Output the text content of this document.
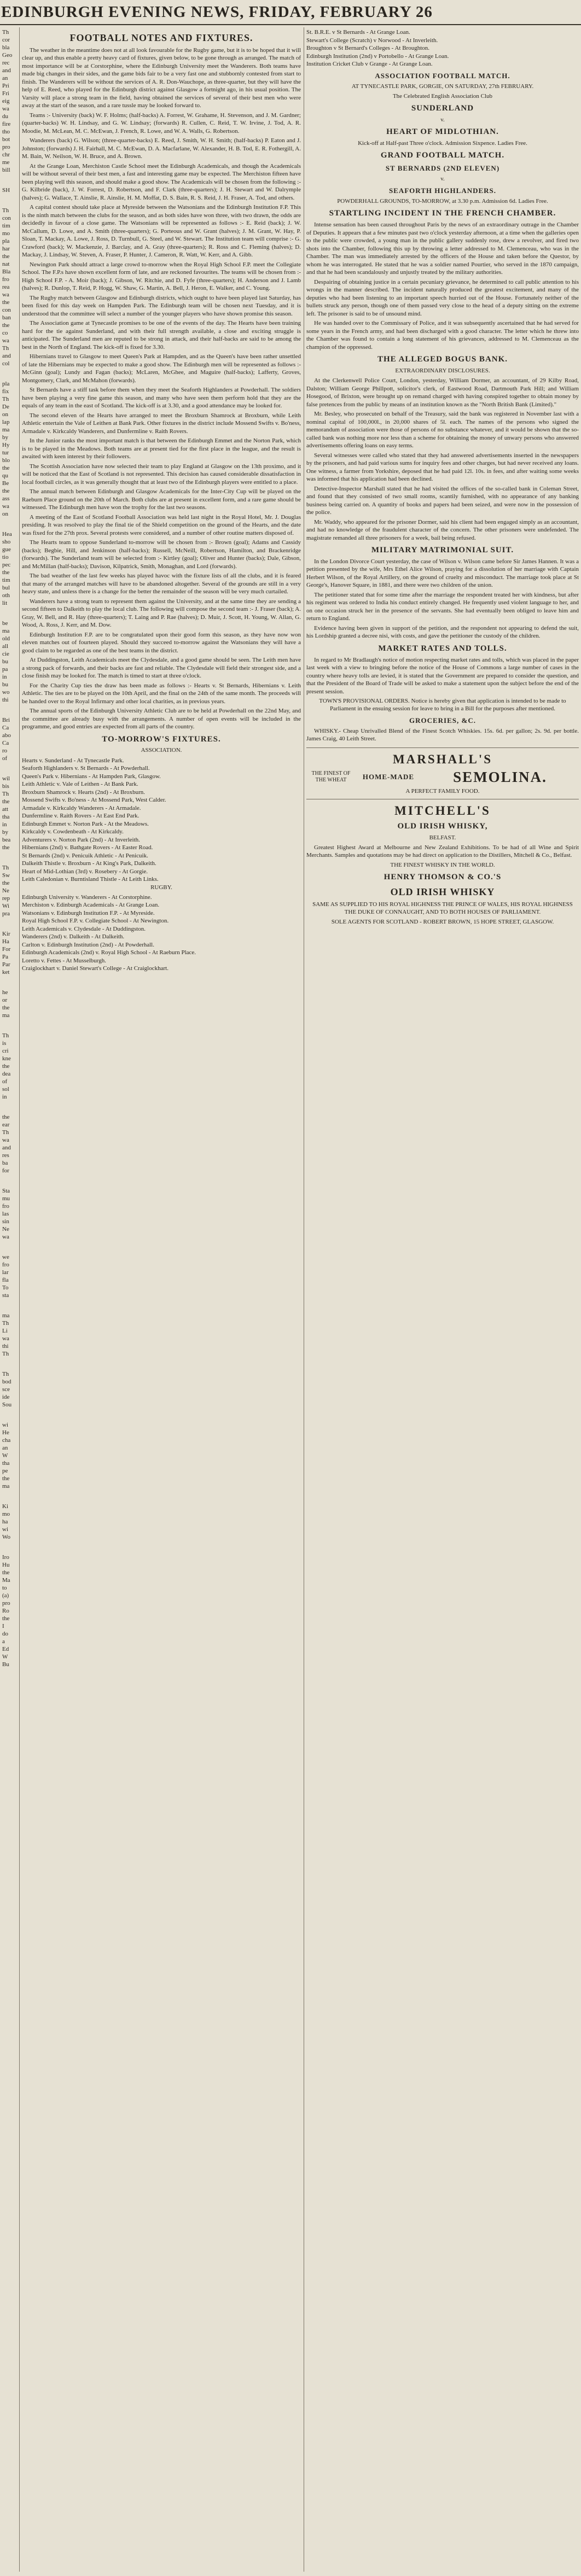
EDINBURGH EVENING NEWS, FRIDAY, FEBRUARY 26
Th
cor
bla
Geo
rec
and
an
Pri
Fri
eig
wa
du
fire
tho
bot
pro
chr
me
bill
SH
Th
con
tim
mo
pla
har
the
nat
Bla
fro
rea
wa
the
con
ban
the
co
wa
Th
and
col
pla
fix
Th
De
on
lap
ma
by
Hy
tur
blo
the
qu
Be
the
ass
wa
on
Hea
sho
gue
tio
pec
the
tim
bul
oth
lit
be
ma
old
all
cie
bu
pa
in
bu
wo
thi
Bri
Ca
abo
Ca
ro
of
wil
bis
Th
the
att
tha
in
by
bea
the
Th
Sw
the
Ne
rep
Wi
pra
Kir
Ha
For
Pa
Par
ket
he
or
the
ma
Th
is
cri
kne
the
dea
of
sol
in
the
ear
Th
wa
and
res
ba
for
Sta
mu
fro
las
sin
Ne
wa
we
fro
lar
fla
To
sta
ma
Th
Li
wa
thi
Th
Th
bod
sce
ide
Sou
wi
He
cha
an
W
tha
pe
the
ma
Ki
mo
ha
wi
Wo
Iro
Hu
the
Ma
to
(a)
pro
Ro
the
I
do
a
Ed
W
Bu
FOOTBALL NOTES AND FIXTURES.

The weather in the meantime does not at all look favourable for the Rugby game, but it is to be hoped that it will clear up, and thus enable a pretty heavy card of fixtures, given below, to be gone through as arranged. The match of most importance will be at Corstorphine, where the Edinburgh University meet the Wanderers. Both teams have made big changes in their sides, and the game bids fair to be a very fast one and stubbornly contested from start to finish. The Wanderers will be without the services of A. R. Don-Wauchope, as three-quarter, but they will have the help of E. Reed, who played for the Edinburgh district against Glasgow a fortnight ago, in his usual position. The Varsity will place a strong team in the field, having obtained the services of several of their best men who were away at the start of the season, and a rare tussle may be looked forward to.

Teams :- University (back) W. F. Holms; (half-backs) A. Forrest, W. Grahame, H. Stevenson, and J. M. Gardner; (quarter-backs) W. H. Lindsay, and G. W. Lindsay; (forwards) R. Cullen, C. Reid, T. W. Irvine, J. Tod, A. R. Moodie, M. McLean, M. C. McEwan, J. French, R. Lowe, and W. A. Walls, G. Robertson.

Wanderers (back) G. Wilson; (three-quarter-backs) E. Reed, J. Smith, W. H. Smith; (half-backs) P. Eaton and J. Johnston; (forwards) J. H. Fairhall, M. C. McEwan, D. A. Macfarlane, W. Alexander, H. B. Tod, E. R. Fothergill, A. M. Bain, W. Neilson, W. H. Bruce, and A. Brown.

At the Grange Loan, Merchiston Castle School meet the Edinburgh Academicals, and though the Academicals will be without several of their best men, a fast and interesting game may be expected. The Merchiston fifteen have been playing well this season, and should make a good show. The Academicals will be chosen from the following :- G. Kilbride (back), J. W. Forrest, D. Robertson, and F. Clark (three-quarters); J. H. Stewart and W. Dalrymple (halves); G. Wallace, T. Ainslie, R. Ainslie, H. M. Moffat, D. S. Bain, R. S. Reid, J. H. Fraser, A. Tod, and others.

A capital contest should take place at Myreside between the Watsonians and the Edinburgh Institution F.P. This is the ninth match between the clubs for the season, and as both sides have won three, with two drawn, the odds are decidedly in favour of a close game. The Watsonians will be represented as follows :- E. Reid (back); J. W. McCallum, D. Lowe, and A. Smith (three-quarters); G. Porteous and W. Grant (halves); J. M. Grant, W. Hay, P. Sloan, T. Mackay, A. Lowe, J. Ross, D. Turnbull, G. Steel, and W. Stewart. The Institution team will comprise :- G. Crawford (back); W. Mackenzie, J. Barclay, and A. Gray (three-quarters); R. Ross and C. Fleming (halves); D. Mackay, J. Lindsay, W. Steven, A. Fraser, P. Hunter, J. Cameron, R. Watt, W. Kerr, and A. Gibb.

Newington Park should attract a large crowd to-morrow when the Royal High School F.P. meet the Collegiate School. The F.P.s have shown excellent form of late, and are reckoned favourites. The teams will be chosen from :- High School F.P. - A. Moir (back); J. Gibson, W. Ritchie, and D. Fyfe (three-quarters); H. Anderson and J. Lamb (halves); R. Dunlop, T. Reid, P. Hogg, W. Shaw, G. Martin, A. Bell, J. Heron, E. Walker, and C. Young.

The Rugby match between Glasgow and Edinburgh districts, which ought to have been played last Saturday, has been fixed for this day week on Hampden Park. The Edinburgh team will be chosen next Tuesday, and it is understood that the committee will select a number of the younger players who have shown promise this season.

The Association game at Tynecastle promises to be one of the events of the day. The Hearts have been training hard for the tie against Sunderland, and with their full strength available, a close and exciting struggle is anticipated. The Sunderland men are reputed to be strong in attack, and their half-backs are said to be among the best in the North of England. The kick-off is fixed for 3.30.

Hibernians travel to Glasgow to meet Queen's Park at Hampden, and as the Queen's have been rather unsettled of late the Hibernians may be expected to make a good show. The Edinburgh men will be represented as follows :- McGinn (goal); Lundy and Fagan (backs); McLaren, McGhee, and Maguire (half-backs); Lafferty, Groves, Montgomery, Clark, and McMahon (forwards).

St Bernards have a stiff task before them when they meet the Seaforth Highlanders at Powderhall. The soldiers have been playing a very fine game this season, and many who have seen them perform hold that they are the equals of any team in the east of Scotland. The kick-off is at 3.30, and a good attendance may be looked for.

The second eleven of the Hearts have arranged to meet the Broxburn Shamrock at Broxburn, while Leith Athletic entertain the Vale of Leithen at Bank Park. Other fixtures in the district include Mossend Swifts v. Bo'ness, Armadale v. Kirkcaldy Wanderers, and Dunfermline v. Raith Rovers.

In the Junior ranks the most important match is that between the Edinburgh Emmet and the Norton Park, which is to be played in the Meadows. Both teams are at present tied for the first place in the league, and the result is awaited with keen interest by their followers.

The Scottish Association have now selected their team to play England at Glasgow on the 13th proximo, and it will be noticed that the East of Scotland is not represented. This decision has caused considerable dissatisfaction in local football circles, as it was generally thought that at least two of the Edinburgh players were entitled to a place.

The annual match between Edinburgh and Glasgow Academicals for the Inter-City Cup will be played on the Raeburn Place ground on the 20th of March. Both clubs are at present in excellent form, and a rare game should be witnessed. The Edinburgh men have won the trophy for the last two seasons.

A meeting of the East of Scotland Football Association was held last night in the Royal Hotel, Mr. J. Douglas presiding. It was resolved to play the final tie of the Shield competition on the ground of the Hearts, and the date was fixed for the 27th prox. Several protests were considered, and a number of other routine matters disposed of.

The Hearts team to oppose Sunderland to-morrow will be chosen from :- Brown (goal); Adams and Cassidy (backs); Begbie, Hill, and Jenkinson (half-backs); Russell, McNeill, Robertson, Hamilton, and Brackenridge (forwards). The Sunderland team will be selected from :- Kirtley (goal); Oliver and Hunter (backs); Dale, Gibson, and McMillan (half-backs); Davison, Kilpatrick, Smith, Monaghan, and Lord (forwards).

The bad weather of the last few weeks has played havoc with the fixture lists of all the clubs, and it is feared that many of the arranged matches will have to be abandoned altogether. Several of the grounds are still in a very heavy state, and unless there is a change for the better the remainder of the season will be very much curtailed.

Wanderers have a strong team to represent them against the University, and at the same time they are sending a second fifteen to Dalkeith to play the local club. The following will compose the second team :- J. Fraser (back); A. Gray, W. Bell, and R. Hay (three-quarters); T. Laing and P. Rae (halves); D. Muir, J. Scott, H. Young, W. Allan, G. Wood, A. Ross, J. Kerr, and M. Dow.

Edinburgh Institution F.P. are to be congratulated upon their good form this season, as they have now won eleven matches out of fourteen played. Should they succeed to-morrow against the Watsonians they will have a good claim to be regarded as one of the best teams in the district.

At Duddingston, Leith Academicals meet the Clydesdale, and a good game should be seen. The Leith men have a strong pack of forwards, and their backs are fast and reliable. The Clydesdale will field their strongest side, and a close finish may be looked for. The match is timed to start at three o'clock.

For the Charity Cup ties the draw has been made as follows :- Hearts v. St Bernards, Hibernians v. Leith Athletic. The ties are to be played on the 10th April, and the final on the 24th of the same month. The proceeds will be handed over to the Royal Infirmary and other local charities, as in previous years.

The annual sports of the Edinburgh University Athletic Club are to be held at Powderhall on the 22nd May, and the committee are already busy with the arrangements. A number of open events will be included in the programme, and good entries are expected from all parts of the country.

TO-MORROW'S FIXTURES.
ASSOCIATION.
Hearts v. Sunderland - At Tynecastle Park.
Seaforth Highlanders v. St Bernards - At Powderhall.
Queen's Park v. Hibernians - At Hampden Park, Glasgow.
Leith Athletic v. Vale of Leithen - At Bank Park.
Broxburn Shamrock v. Hearts (2nd) - At Broxburn.
Mossend Swifts v. Bo'ness - At Mossend Park, West Calder.
Armadale v. Kirkcaldy Wanderers - At Armadale.
Dunfermline v. Raith Rovers - At East End Park.
Edinburgh Emmet v. Norton Park - At the Meadows.
Kirkcaldy v. Cowdenbeath - At Kirkcaldy.
Adventurers v. Norton Park (2nd) - At Inverleith.
Hibernians (2nd) v. Bathgate Rovers - At Easter Road.
St Bernards (2nd) v. Penicuik Athletic - At Penicuik.
Dalkeith Thistle v. Broxburn - At King's Park, Dalkeith.
Heart of Mid-Lothian (3rd) v. Rosebery - At Gorgie.
Leith Caledonian v. Burntisland Thistle - At Leith Links.
RUGBY.
Edinburgh University v. Wanderers - At Corstorphine.
Merchiston v. Edinburgh Academicals - At Grange Loan.
Watsonians v. Edinburgh Institution F.P. - At Myreside.
Royal High School F.P. v. Collegiate School - At Newington.
Leith Academicals v. Clydesdale - At Duddingston.
Wanderers (2nd) v. Dalkeith - At Dalkeith.
Carlton v. Edinburgh Institution (2nd) - At Powderhall.
Edinburgh Academicals (2nd) v. Royal High School - At Raeburn Place.
Loretto v. Fettes - At Musselburgh.
Craiglockhart v. Daniel Stewart's College - At Craiglockhart.
St. B.R.E. v St Bernards - At Grange Loan.
Stewart's College (Scratch) v Norwood - At Inverleith.
Broughton v St Bernard's Colleges - At Broughton.
Edinburgh Institution (2nd) v Portobello - At Grange Loan.
Institution Cricket Club v Grange - At Grange Loan.
ASSOCIATION FOOTBALL MATCH.
AT TYNECASTLE PARK, GORGIE, ON SATURDAY, 27th FEBRUARY.
The Celebrated English Association Club
SUNDERLAND
v.
HEART OF MIDLOTHIAN.
Kick-off at Half-past Three o'clock. Admission Sixpence. Ladies Free.
GRAND FOOTBALL MATCH.
ST BERNARDS (2ND ELEVEN)
v.
SEAFORTH HIGHLANDERS.
POWDERHALL GROUNDS, TO-MORROW, at 3.30 p.m. Admission 6d. Ladies Free.
STARTLING INCIDENT IN THE FRENCH CHAMBER.

Intense sensation has been caused throughout Paris by the news of an extraordinary outrage in the Chamber of Deputies. It appears that a few minutes past two o'clock yesterday afternoon, at a time when the galleries open to the public were crowded, a young man in the public gallery suddenly rose, drew a revolver, and fired two shots into the Chamber, following this up by throwing a letter addressed to M. Clemenceau, who was in the Chamber. The man was immediately arrested by the officers of the House and taken before the Questor, by whom he was interrogated. He stated that he was a soldier named Pourtier, who served in the 1870 campaign, and that he had been scandalously and unjustly treated by the military authorities.

Despairing of obtaining justice in a certain pecuniary grievance, he determined to call public attention to his wrongs in the manner described. The incident naturally produced the greatest excitement, and many of the deputies who had been listening to an important speech hurried out of the House. Fortunately neither of the bullets struck any person, though one of them passed very close to the head of a deputy sitting on the extreme left. The prisoner is said to be of unsound mind.

He was handed over to the Commissary of Police, and it was subsequently ascertained that he had served for some years in the French army, and had been discharged with a good character. The letter which he threw into the Chamber was found to contain a long statement of his grievances, addressed to M. Clemenceau as the champion of the oppressed.

THE ALLEGED BOGUS BANK.
EXTRAORDINARY DISCLOSURES.

At the Clerkenwell Police Court, London, yesterday, William Dormer, an accountant, of 29 Kilby Road, Dalston; William George Phillpott, solicitor's clerk, of Eastwood Road, Dartmouth Park Hill; and William Hosegood, of Brixton, were brought up on remand charged with having conspired together to obtain money by false pretences from the public by means of an institution known as the "North British Bank (Limited)."

Mr. Besley, who prosecuted on behalf of the Treasury, said the bank was registered in November last with a nominal capital of 100,000l., in 20,000 shares of 5l. each. The names of the persons who signed the memorandum of association were those of persons of no substance whatever, and it would be shown that the so-called bank was nothing more nor less than a scheme for obtaining the money of unwary persons who answered advertisements offering loans on easy terms.

Several witnesses were called who stated that they had answered advertisements inserted in the newspapers by the prisoners, and had paid various sums for inquiry fees and other charges, but had never received any loans. One witness, a farmer from Yorkshire, deposed that he had paid 12l. 10s. in fees, and after waiting some weeks was informed that his application had been declined.

Detective-Inspector Marshall stated that he had visited the offices of the so-called bank in Coleman Street, and found that they consisted of two small rooms, scantily furnished, with no appearance of any banking business being carried on. A quantity of books and papers had been seized, and were now in the possession of the police.

Mr. Waddy, who appeared for the prisoner Dormer, said his client had been engaged simply as an accountant, and had no knowledge of the fraudulent character of the concern. The other prisoners were undefended. The magistrate remanded all three prisoners for a week, bail being refused.

MILITARY MATRIMONIAL SUIT.

In the London Divorce Court yesterday, the case of Wilson v. Wilson came before Sir James Hannen. It was a petition presented by the wife, Mrs Ethel Alice Wilson, praying for a dissolution of her marriage with Captain Herbert Wilson, of the Royal Artillery, on the ground of cruelty and misconduct. The marriage took place at St George's, Hanover Square, in 1881, and there were two children of the union.

The petitioner stated that for some time after the marriage the respondent treated her with kindness, but after his regiment was ordered to India his conduct entirely changed. He frequently used violent language to her, and on one occasion struck her in the presence of the servants. She had eventually been obliged to leave him and return to England.

Evidence having been given in support of the petition, and the respondent not appearing to defend the suit, his Lordship granted a decree nisi, with costs, and gave the petitioner the custody of the children.

MARKET RATES AND TOLLS.

In regard to Mr Bradlaugh's notice of motion respecting market rates and tolls, which was placed in the paper last week with a view to bringing before the notice of the House of Commons a large number of cases in the country where heavy tolls are levied, it is stated that the Government are prepared to consider the question, and that the President of the Board of Trade will be asked to make a statement upon the subject before the end of the present session.

TOWN'S PROVISIONAL ORDERS. Notice is hereby given that application is intended to be made to Parliament in the ensuing session for leave to bring in a Bill for the purposes after mentioned.
GROCERIES, &C.

WHISKY.- Cheap Unrivalled Blend of the Finest Scotch Whiskies. 15s. 6d. per gallon; 2s. 9d. per bottle. James Craig, 40 Leith Street.

MARSHALL'S
THE FINEST OF THE WHEAT	HOME-MADE	SEMOLINA.
A PERFECT FAMILY FOOD.
MITCHELL'S
OLD IRISH WHISKY,
BELFAST.

Greatest Highest Award at Melbourne and New Zealand Exhibitions. To be had of all Wine and Spirit Merchants. Samples and quotations may be had direct on application to the Distillers, Mitchell & Co., Belfast.

THE FINEST WHISKY IN THE WORLD.
HENRY THOMSON & CO.'S
OLD IRISH WHISKY
SAME AS SUPPLIED TO HIS ROYAL HIGHNESS THE PRINCE OF WALES, HIS ROYAL HIGHNESS THE DUKE OF CONNAUGHT, AND TO BOTH HOUSES OF PARLIAMENT.
SOLE AGENTS FOR SCOTLAND - ROBERT BROWN, 15 HOPE STREET, GLASGOW.
